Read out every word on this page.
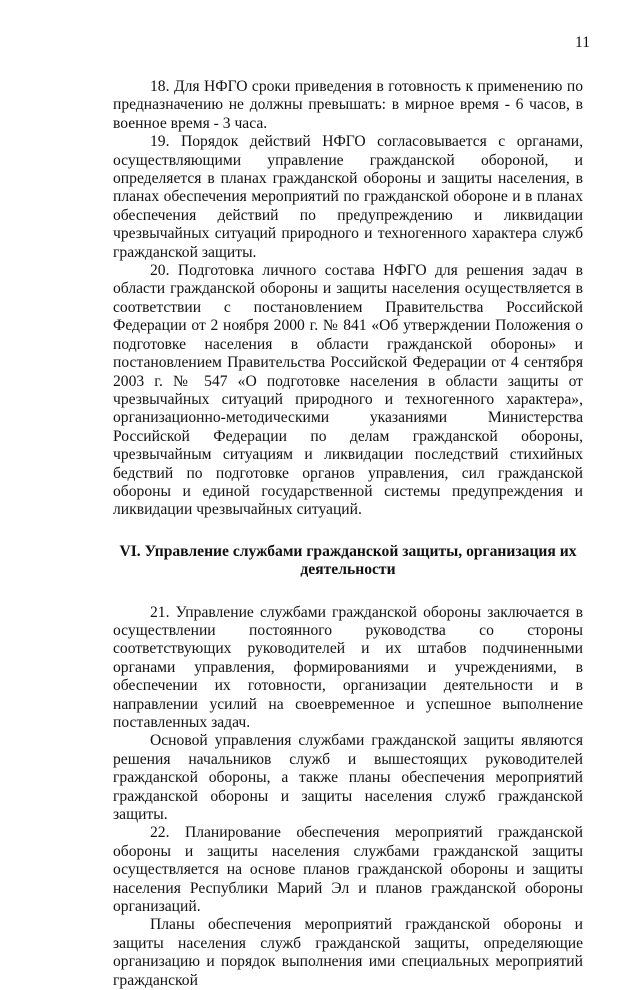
11

18. Для НФГО сроки приведения в готовность к применению по предназначению не должны превышать: в мирное время - 6 часов, в военное время - 3 часа.

19. Порядок действий НФГО согласовывается с органами, осуществляющими управление гражданской обороной, и определяется в планах гражданской обороны и защиты населения, в планах обеспечения мероприятий по гражданской обороне и в планах обеспечения действий по предупреждению и ликвидации чрезвычайных ситуаций природного и техногенного характера служб гражданской защиты.

20. Подготовка личного состава НФГО для решения задач в области гражданской обороны и защиты населения осуществляется в соответствии с постановлением Правительства Российской Федерации от 2 ноября 2000 г. № 841 «Об утверждении Положения о подготовке населения в области гражданской обороны» и постановлением Правительства Российской Федерации от 4 сентября 2003 г. № 547 «О подготовке населения в области защиты от чрезвычайных ситуаций природного и техногенного характера», организационно-методическими указаниями Министерства Российской Федерации по делам гражданской обороны, чрезвычайным ситуациям и ликвидации последствий стихийных бедствий по подготовке органов управления, сил гражданской обороны и единой государственной системы предупреждения и ликвидации чрезвычайных ситуаций.

VI. Управление службами гражданской защиты, организация их деятельности

21. Управление службами гражданской обороны заключается в осуществлении постоянного руководства со стороны соответствующих руководителей и их штабов подчиненными органами управления, формированиями и учреждениями, в обеспечении их готовности, организации деятельности и в направлении усилий на своевременное и успешное выполнение поставленных задач.

Основой управления службами гражданской защиты являются решения начальников служб и вышестоящих руководителей гражданской обороны, а также планы обеспечения мероприятий гражданской обороны и защиты населения служб гражданской защиты.

22. Планирование обеспечения мероприятий гражданской обороны и защиты населения службами гражданской защиты осуществляется на основе планов гражданской обороны и защиты населения Республики Марий Эл и планов гражданской обороны организаций.

Планы обеспечения мероприятий гражданской обороны и защиты населения служб гражданской защиты, определяющие организацию и порядок выполнения ими специальных мероприятий гражданской
